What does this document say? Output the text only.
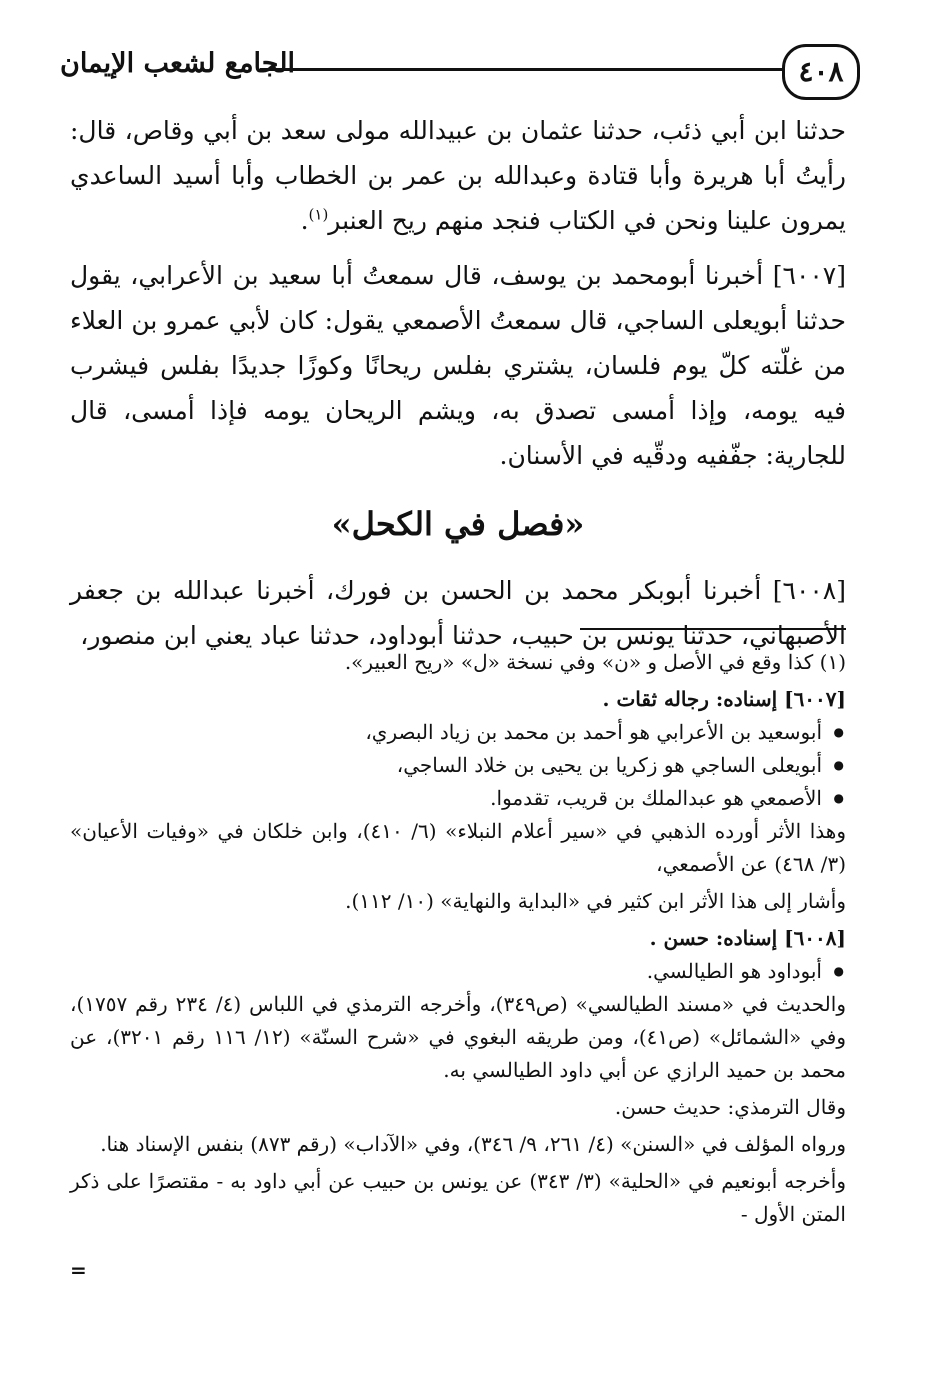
٤٠٨
الجامع لشعب الإيمان

حدثنا ابن أبي ذئب، حدثنا عثمان بن عبيدالله مولى سعد بن أبي وقاص، قال: رأيتُ أبا هريرة وأبا قتادة وعبدالله بن عمر بن الخطاب وأبا أسيد الساعدي يمرون علينا ونحن في الكتاب فنجد منهم ريح العنبر$^{(١)}$.

[٦٠٠٧] أخبرنا أبومحمد بن يوسف، قال سمعتُ أبا سعيد بن الأعرابي، يقول حدثنا أبويعلى الساجي، قال سمعتُ الأصمعي يقول: كان لأبي عمرو بن العلاء من غلّته كلّ يوم فلسان، يشتري بفلس ريحانًا وكوزًا جديدًا بفلس فيشرب فيه يومه، وإذا أمسى تصدق به، ويشم الريحان يومه فإذا أمسى، قال للجارية: جفّفيه ودقّيه في الأسنان.

«فصل في الكحل»

[٦٠٠٨] أخبرنا أبوبكر محمد بن الحسن بن فورك، أخبرنا عبدالله بن جعفر الأصبهاني، حدثنا يونس بن حبيب، حدثنا أبوداود، حدثنا عباد يعني ابن منصور،

(١) كذا وقع في الأصل و «ن» وفي نسخة «ل» «ريح العبير».

[٦٠٠٧] إسناده: رجاله ثقات .

● أبوسعيد بن الأعرابي هو أحمد بن محمد بن زياد البصري،

● أبويعلى الساجي هو زكريا بن يحيى بن خلاد الساجي،

● الأصمعي هو عبدالملك بن قريب، تقدموا.

وهذا الأثر أورده الذهبي في «سير أعلام النبلاء» (٦/ ٤١٠)، وابن خلكان في «وفيات الأعيان» (٣/ ٤٦٨) عن الأصمعي،

وأشار إلى هذا الأثر ابن كثير في «البداية والنهاية» (١٠/ ١١٢).

[٦٠٠٨] إسناده: حسن .

● أبوداود هو الطيالسي.

والحديث في «مسند الطيالسي» (ص٣٤٩)، وأخرجه الترمذي في اللباس (٤/ ٢٣٤ رقم ١٧٥٧)، وفي «الشمائل» (ص٤١)، ومن طريقه البغوي في «شرح السنّة» (١٢/ ١١٦ رقم ٣٢٠١)، عن محمد بن حميد الرازي عن أبي داود الطيالسي به.

وقال الترمذي: حديث حسن.

ورواه المؤلف في «السنن» (٤/ ٢٦١، ٩/ ٣٤٦)، وفي «الآداب» (رقم ٨٧٣) بنفس الإسناد هنا.

وأخرجه أبونعيم في «الحلية» (٣/ ٣٤٣) عن يونس بن حبيب عن أبي داود به - مقتصرًا على ذكر المتن الأول -

=
